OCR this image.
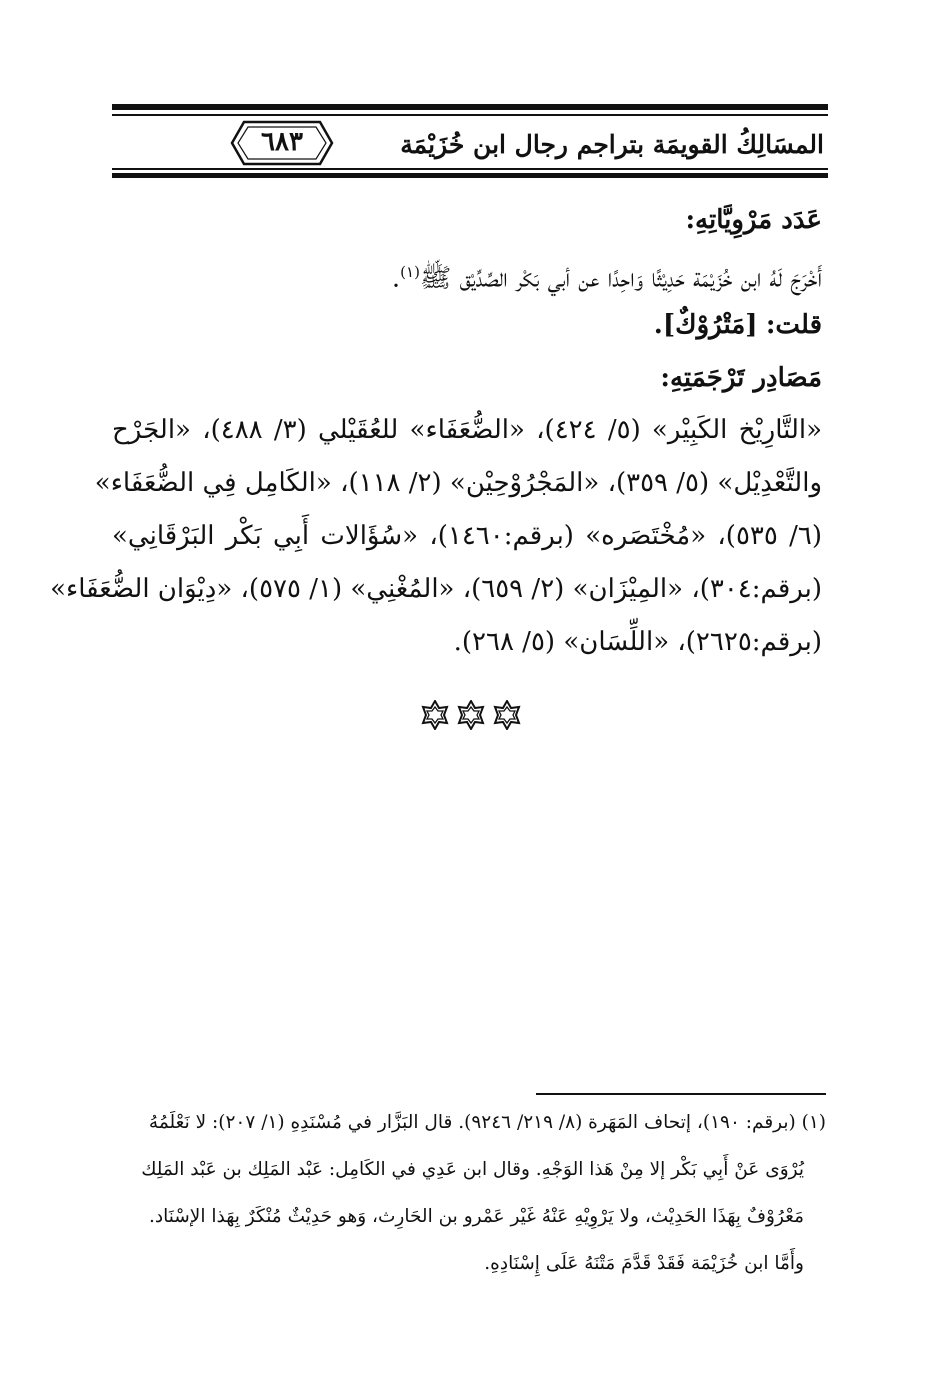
٦٨٣	المسَالِكُ القويمَة بتراجم رجال ابن خُزَيْمَة
عَدَد مَرْوِيَّاتِهِ:
أَخْرَجَ لَهُ ابن خُزَيْمَة حَدِيْثًا وَاحِدًا عن أبي بَكْر الصِّدِّيْق ﷺ$^{(١)}$.
قلت: [مَتْرُوْكٌ].
مَصَادِر تَرْجَمَتِهِ:
«التَّارِيْخ الكَبِيْر» (٥/ ٤٢٤)، «الضُّعَفَاء» للعُقَيْلي (٣/ ٤٨٨)، «الجَرْح
والتَّعْدِيْل» (٥/ ٣٥٩)، «المَجْرُوْحِيْن» (٢/ ١١٨)، «الكَامِل فِي الضُّعَفَاء»
(٦/ ٥٣٥)، «مُخْتَصَره» (برقم:١٤٦٠)، «سُؤَالات أَبِي بَكْر البَرْقَانِي»
(برقم:٣٠٤)، «المِيْزَان» (٢/ ٦٥٩)، «المُغْنِي» (١/ ٥٧٥)، «دِيْوَان الضُّعَفَاء»
(برقم:٢٦٢٥)، «اللِّسَان» (٥/ ٢٦٨).
(١) (برقم: ١٩٠)، إتحاف المَهَرة (٨/ ٢١٩/ ٩٢٤٦). قال البَزَّار في مُسْنَدِهِ (١/ ٢٠٧): لا نَعْلَمُهُ
يُرْوَى عَنْ أَبِي بَكْر إلا مِنْ هَذا الوَجْهِ. وقال ابن عَدِي في الكَامِل: عَبْد المَلِك بن عَبْد المَلِك
مَعْرُوْفٌ بِهَذَا الحَدِيْث، ولا يَرْوِيْهِ عَنْهُ غَيْر عَمْرو بن الحَارِث، وَهو حَدِيْثٌ مُنْكَرٌ بِهَذا الإسْنَاد.
وأَمَّا ابن خُزَيْمَة فَقَدْ قَدَّمَ مَتْنَهُ عَلَى إِسْنَادِهِ.
